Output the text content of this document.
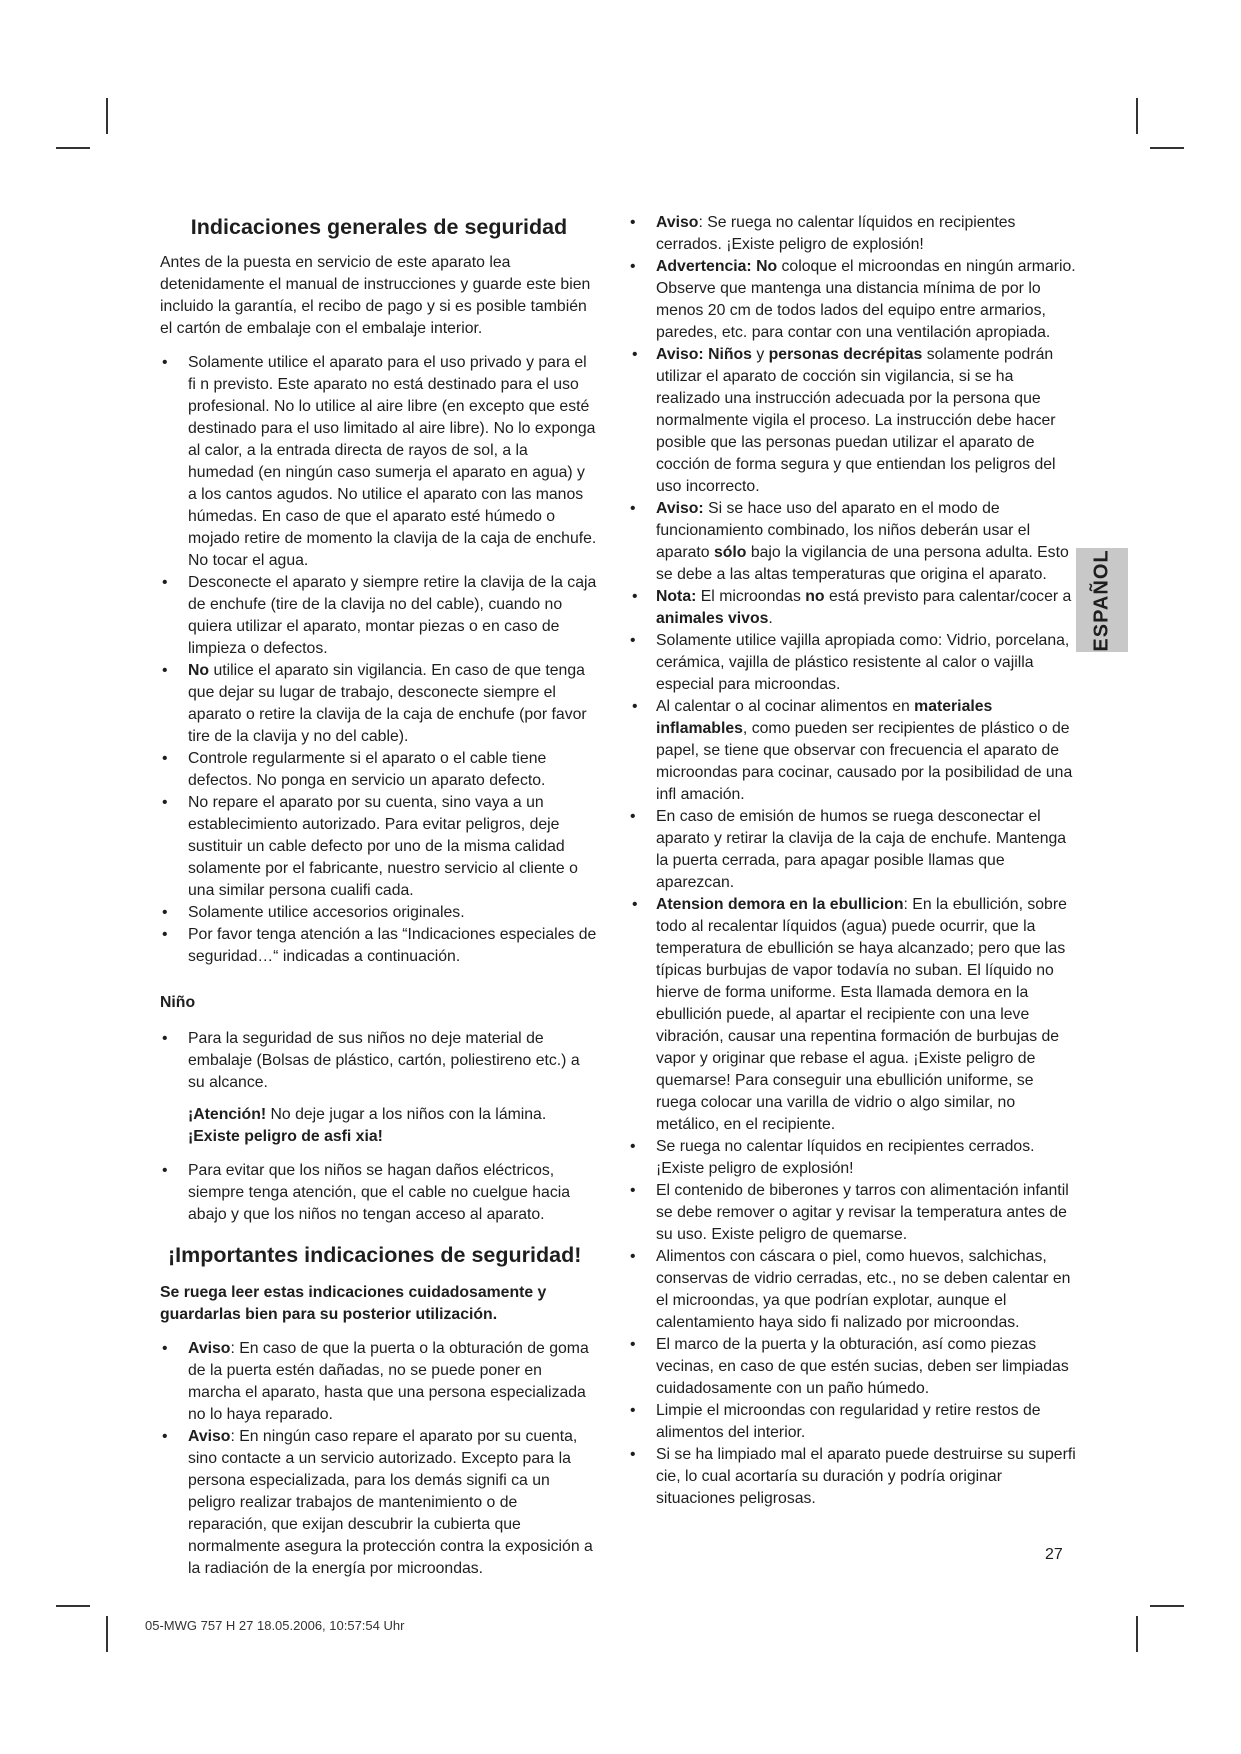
Indicaciones generales de seguridad

Antes de la puesta en servicio de este aparato lea detenidamente el manual de instrucciones y guarde este bien incluido la garantía, el recibo de pago y si es posible también el cartón de embalaje con el embalaje interior.

• Solamente utilice el aparato para el uso privado y para el fi n previsto. Este aparato no está destinado para el uso profesional. No lo utilice al aire libre (en excepto que esté destinado para el uso limitado al aire libre). No lo exponga al calor, a la entrada directa de rayos de sol, a la humedad (en ningún caso sumerja el aparato en agua) y a los cantos agudos. No utilice el aparato con las manos húmedas. En caso de que el aparato esté húmedo o mojado retire de momento la clavija de la caja de enchufe. No tocar el agua.
• Desconecte el aparato y siempre retire la clavija de la caja de enchufe (tire de la clavija no del cable), cuando no quiera utilizar el aparato, montar piezas o en caso de limpieza o defectos.
• No utilice el aparato sin vigilancia. En caso de que tenga que dejar su lugar de trabajo, desconecte siempre el aparato o retire la clavija de la caja de enchufe (por favor tire de la clavija y no del cable).
• Controle regularmente si el aparato o el cable tiene defectos. No ponga en servicio un aparato defecto.
• No repare el aparato por su cuenta, sino vaya a un establecimiento autorizado. Para evitar peligros, deje sustituir un cable defecto por uno de la misma calidad solamente por el fabricante, nuestro servicio al cliente o una similar persona cualifi cada.
• Solamente utilice accesorios originales.
• Por favor tenga atención a las “Indicaciones especiales de seguridad…“ indicadas a continuación.
Niño
• Para la seguridad de sus niños no deje material de embalaje (Bolsas de plástico, cartón, poliestireno etc.) a su alcance.
¡Atención! No deje jugar a los niños con la lámina. ¡Existe peligro de asfi xia!
• Para evitar que los niños se hagan daños eléctricos, siempre tenga atención, que el cable no cuelgue hacia abajo y que los niños no tengan acceso al aparato.
¡Importantes indicaciones de seguridad!

Se ruega leer estas indicaciones cuidadosamente y guardarlas bien para su posterior utilización.

• Aviso: En caso de que la puerta o la obturación de goma de la puerta estén dañadas, no se puede poner en marcha el aparato, hasta que una persona especializada no lo haya reparado.
• Aviso: En ningún caso repare el aparato por su cuenta, sino contacte a un servicio autorizado. Excepto para la persona especializada, para los demás signifi ca un peligro realizar trabajos de mantenimiento o de reparación, que exijan descubrir la cubierta que normalmente asegura la protección contra la exposición a la radiación de la energía por microondas.
• Aviso: Se ruega no calentar líquidos en recipientes cerrados. ¡Existe peligro de explosión!
• Advertencia: No coloque el microondas en ningún armario. Observe que mantenga una distancia mínima de por lo menos 20 cm de todos lados del equipo entre armarios, paredes, etc. para contar con una ventilación apropiada.
• Aviso: Niños y personas decrépitas solamente podrán utilizar el aparato de cocción sin vigilancia, si se ha realizado una instrucción adecuada por la persona que normalmente vigila el proceso. La instrucción debe hacer posible que las personas puedan utilizar el aparato de cocción de forma segura y que entiendan los peligros del uso incorrecto.
• Aviso: Si se hace uso del aparato en el modo de funcionamiento combinado, los niños deberán usar el aparato sólo bajo la vigilancia de una persona adulta. Esto se debe a las altas temperaturas que origina el aparato.
• Nota: El microondas no está previsto para calentar/cocer a animales vivos.
• Solamente utilice vajilla apropiada como: Vidrio, porcelana, cerámica, vajilla de plástico resistente al calor o vajilla especial para microondas.
• Al calentar o al cocinar alimentos en materiales inflamables, como pueden ser recipientes de plástico o de papel, se tiene que observar con frecuencia el aparato de microondas para cocinar, causado por la posibilidad de una infl amación.
• En caso de emisión de humos se ruega desconectar el aparato y retirar la clavija de la caja de enchufe. Mantenga la puerta cerrada, para apagar posible llamas que aparezcan.
• Atension demora en la ebullicion: En la ebullición, sobre todo al recalentar líquidos (agua) puede ocurrir, que la temperatura de ebullición se haya alcanzado; pero que las típicas burbujas de vapor todavía no suban. El líquido no hierve de forma uniforme. Esta llamada demora en la ebullición puede, al apartar el recipiente con una leve vibración, causar una repentina formación de burbujas de vapor y originar que rebase el agua. ¡Existe peligro de quemarse! Para conseguir una ebullición uniforme, se ruega colocar una varilla de vidrio o algo similar, no metálico, en el recipiente.
• Se ruega no calentar líquidos en recipientes cerrados. ¡Existe peligro de explosión!
• El contenido de biberones y tarros con alimentación infantil se debe remover o agitar y revisar la temperatura antes de su uso. Existe peligro de quemarse.
• Alimentos con cáscara o piel, como huevos, salchichas, conservas de vidrio cerradas, etc., no se deben calentar en el microondas, ya que podrían explotar, aunque el calentamiento haya sido fi nalizado por microondas.
• El marco de la puerta y la obturación, así como piezas vecinas, en caso de que estén sucias, deben ser limpiadas cuidadosamente con un paño húmedo.
• Limpie el microondas con regularidad y retire restos de alimentos del interior.
• Si se ha limpiado mal el aparato puede destruirse su superfi cie, lo cual acortaría su duración y podría originar situaciones peligrosas.
ESPAÑOL
27
05-MWG 757 H 27 18.05.2006, 10:57:54 Uhr
